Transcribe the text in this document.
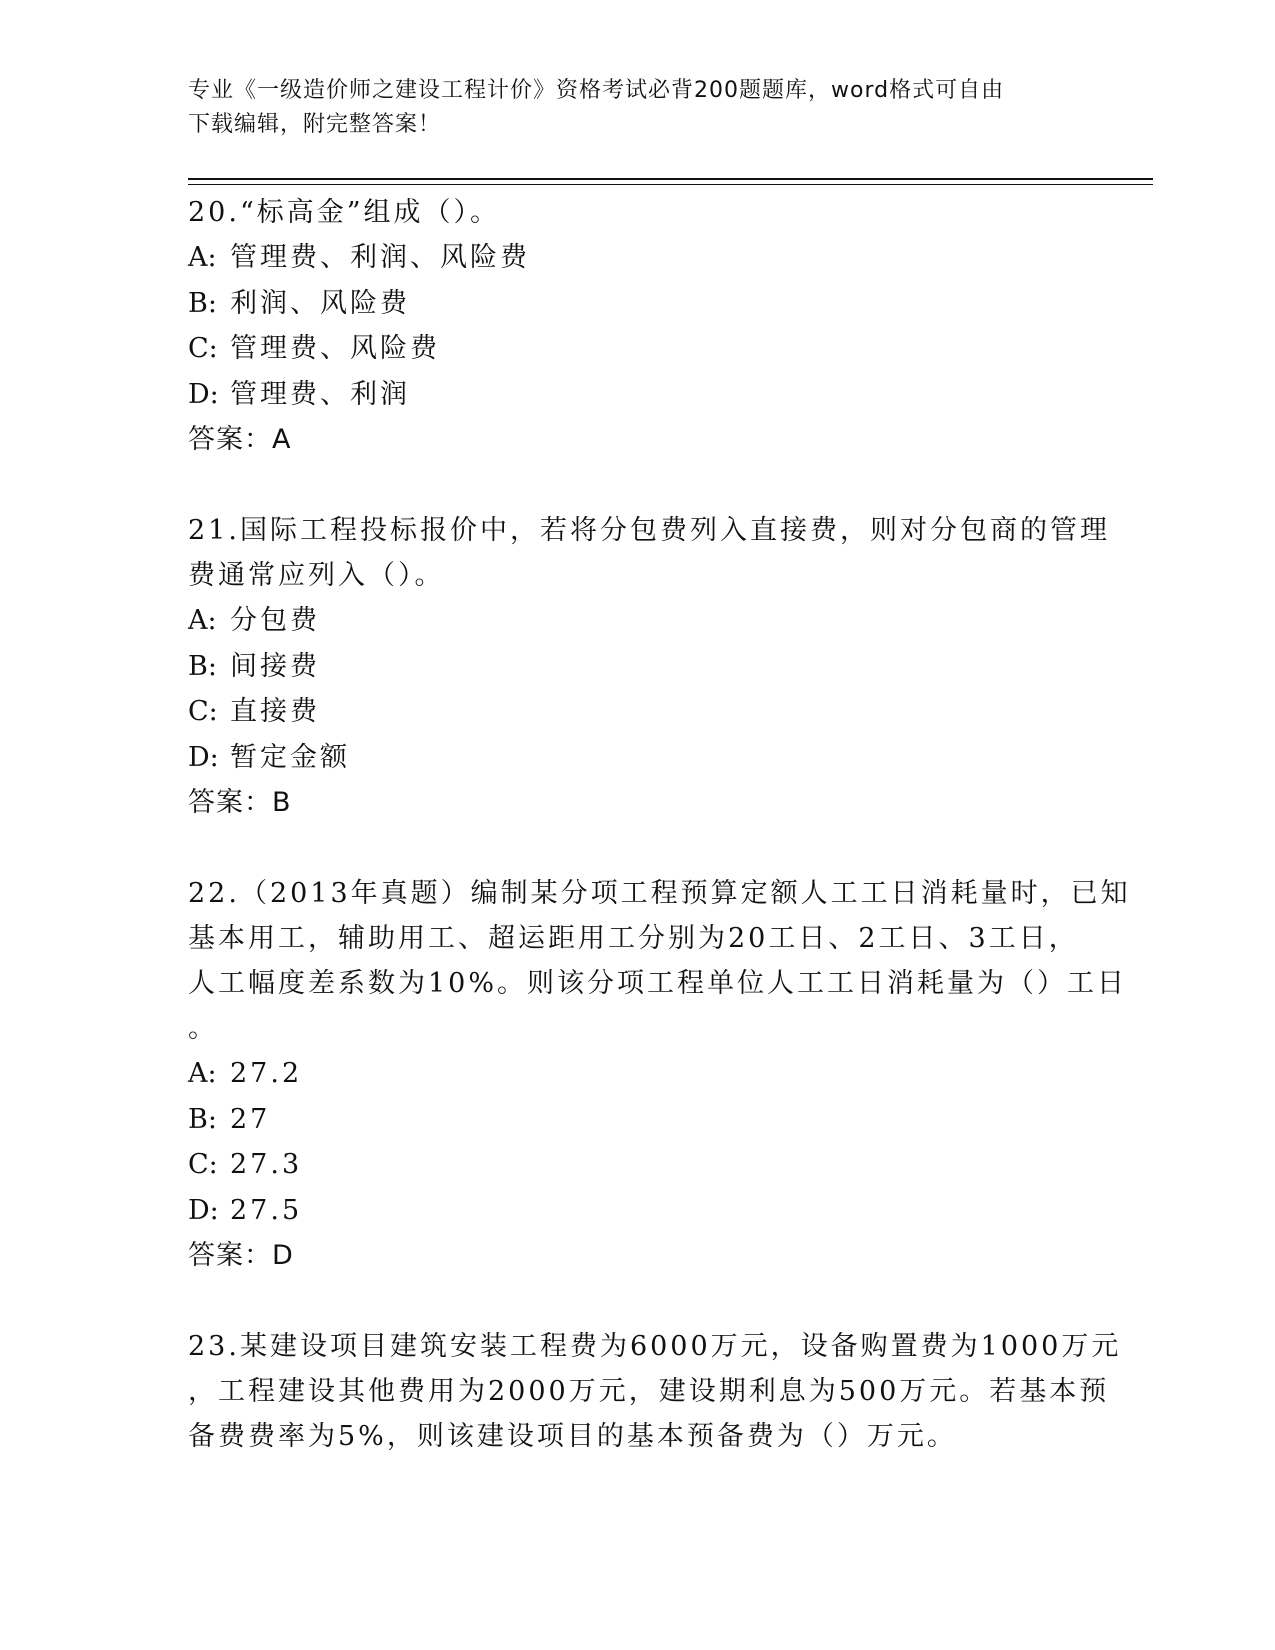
专业《一级造价师之建设工程计价》资格考试必背200题题库，word格式可自由
下载编辑，附完整答案！
20.“标高金”组成（）。
A: 管理费、利润、风险费
B: 利润、风险费
C: 管理费、风险费
D: 管理费、利润
答案：A
21.国际工程投标报价中，若将分包费列入直接费，则对分包商的管理
费通常应列入（）。
A: 分包费
B: 间接费
C: 直接费
D: 暂定金额
答案：B
22.（2013年真题）编制某分项工程预算定额人工工日消耗量时，已知
基本用工，辅助用工、超运距用工分别为20工日、2工日、3工日，
人工幅度差系数为10%。则该分项工程单位人工工日消耗量为（）工日
。
A: 27.2
B: 27
C: 27.3
D: 27.5
答案：D
23.某建设项目建筑安装工程费为6000万元，设备购置费为1000万元
，工程建设其他费用为2000万元，建设期利息为500万元。若基本预
备费费率为5%，则该建设项目的基本预备费为（）万元。
